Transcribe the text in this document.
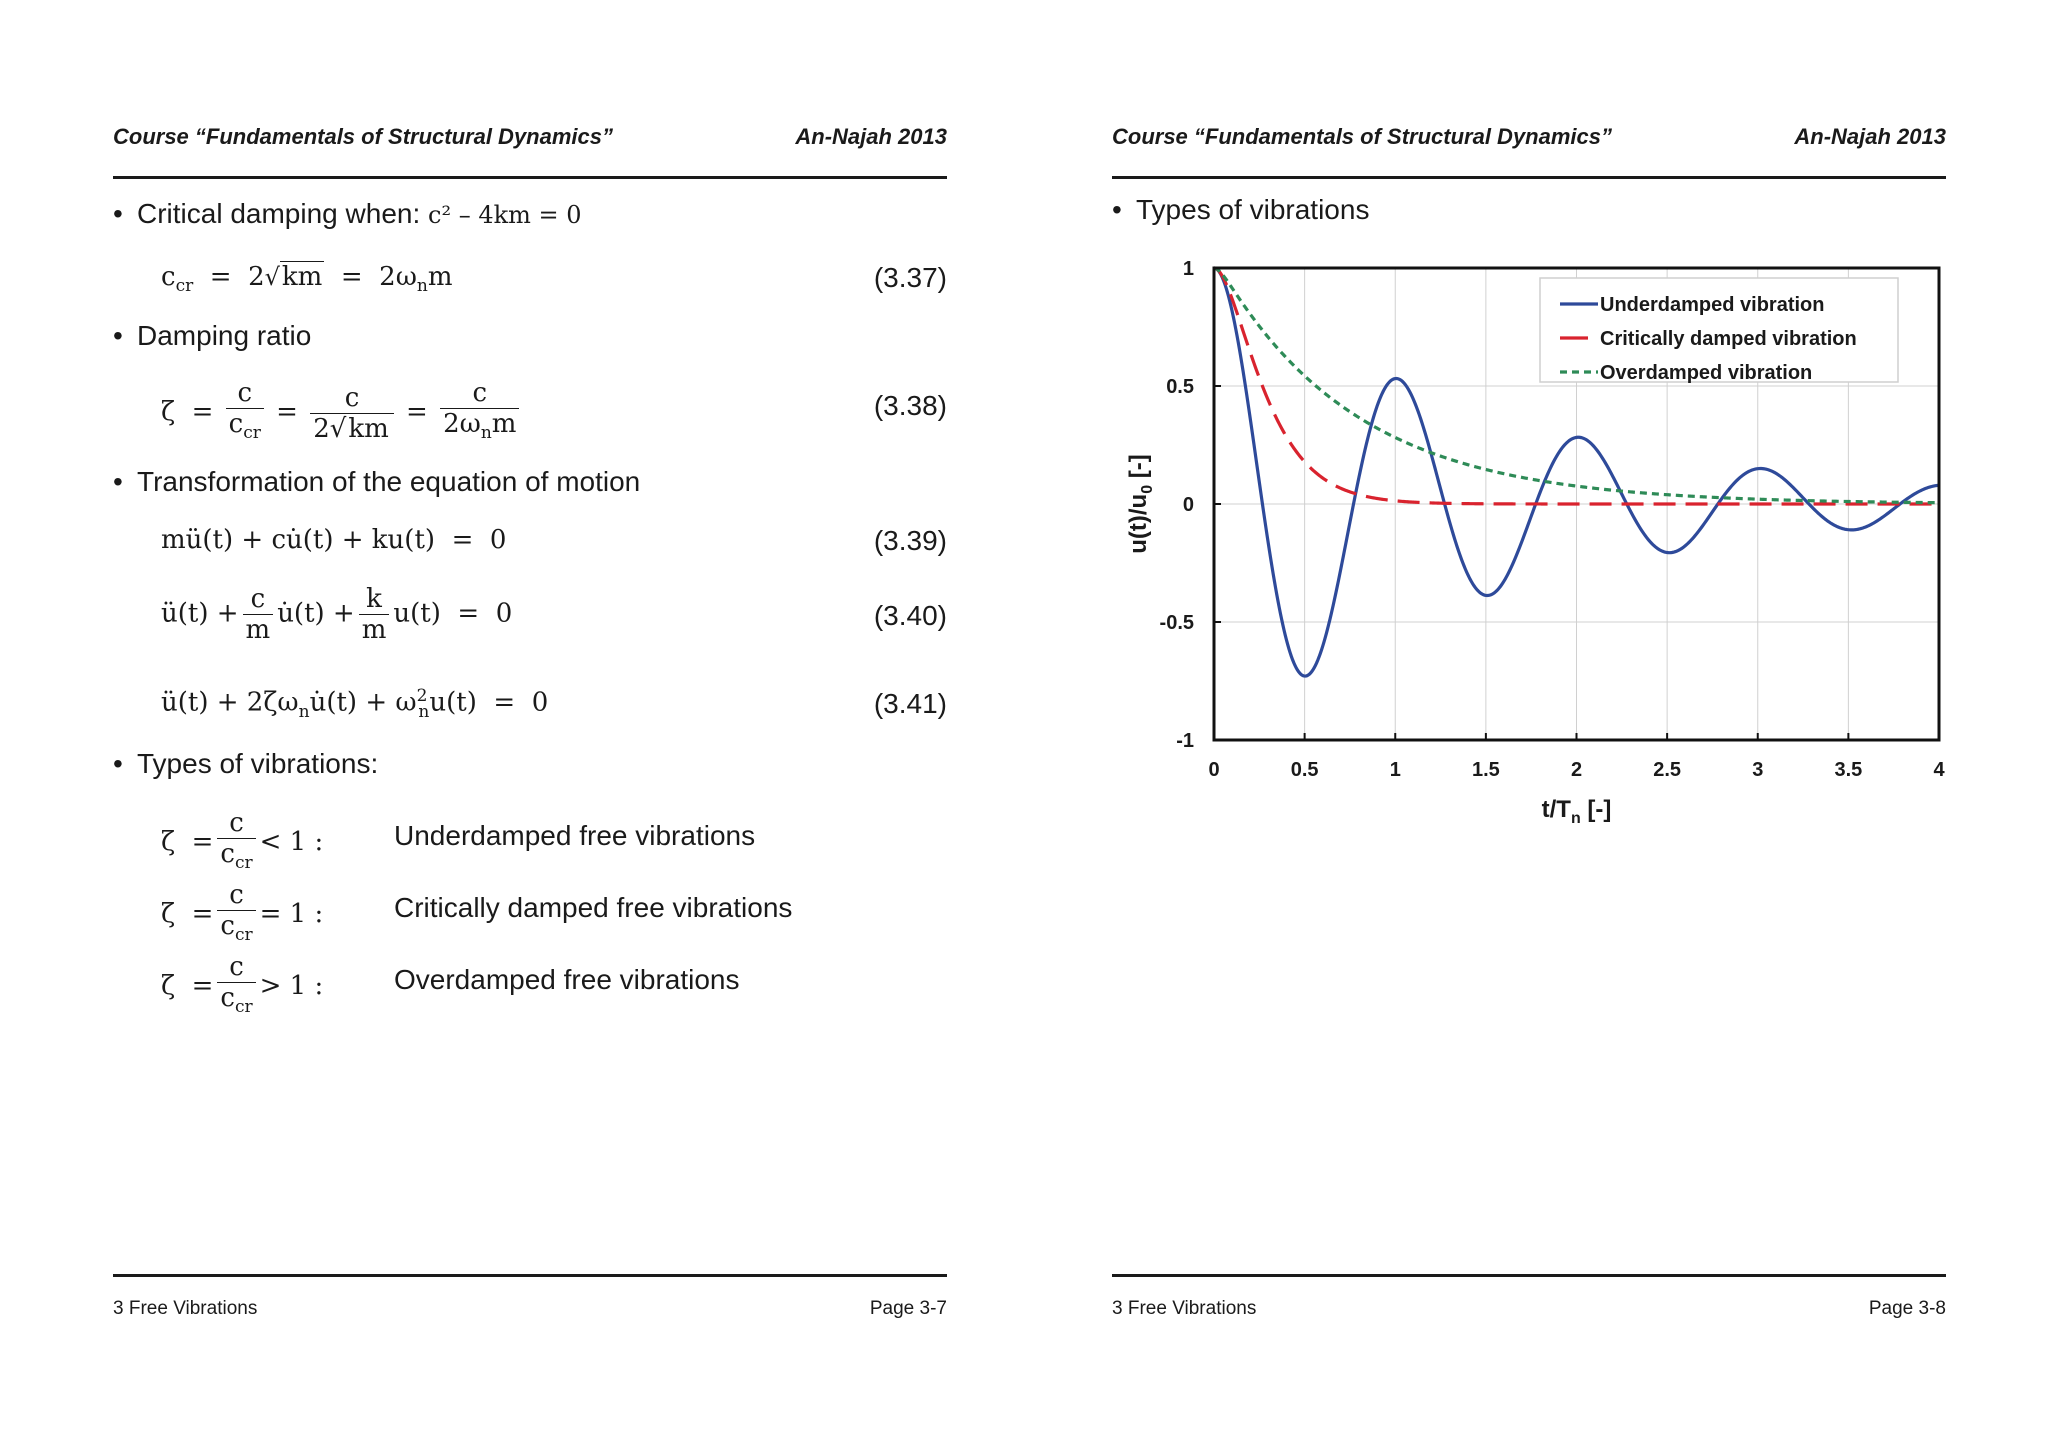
Course “Fundamentals of Structural Dynamics”	An-Najah 2013
• Critical damping when: c² – 4km = 0
$c_{cr} = 2√km = 2\omega_nm$	(3.37)
• Damping ratio
$\zeta = \frac{c}{c_{cr}} = \frac{c}{2√km} = \frac{c}{2\omega_nm}$	(3.38)
• Transformation of the equation of motion
mü(t) + cu̇(t) + ku(t)  =  0	(3.39)
ü(t) + $\frac{c}{m}$ u̇(t) + $\frac{k}{m} u(t) = 0$	(3.40)
ü(t) + $2\zeta\omega_nu̇(t) + \omega^2_nu(t) = 0$	(3.41)
• Types of vibrations:
$\zeta = \frac{c}{c_{cr}} < 1$ :	Underdamped free vibrations
$\zeta = \frac{c}{c_{cr}} = 1$ :	Critically damped free vibrations
$\zeta = \frac{c}{c_{cr}} > 1$ :	Overdamped free vibrations
3 Free Vibrations	Page 3-7
Course “Fundamentals of Structural Dynamics”	An-Najah 2013
• Types of vibrations
0	0.5	1	1.5	2	2.5	3	3.5	4
1
0.5
0
-0.5
-1
$t/T_n$ [-]
$u(t)/u_0$ [-]
Underdamped vibration
Critically damped vibration
Overdamped vibration
3 Free Vibrations	Page 3-8
